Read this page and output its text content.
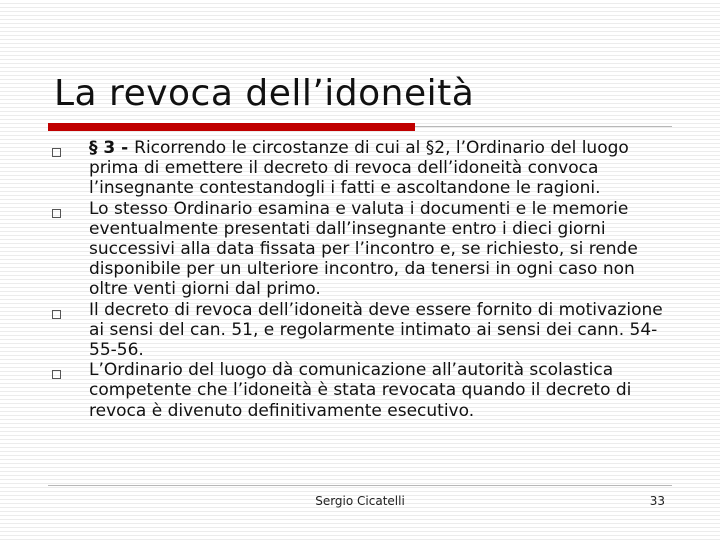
La revoca dell’idoneità
§ 3 - Ricorrendo le circostanze di cui al §2, l’Ordinario del luogo prima di emettere il decreto di revoca dell’idoneità convoca l’insegnante contestandogli i fatti e ascoltandone le ragioni.
Lo stesso Ordinario esamina e valuta i documenti e le memorie eventualmente presentati dall’insegnante entro i dieci giorni successivi alla data fissata per l’incontro e, se richiesto, si rende disponibile per un ulteriore incontro, da tenersi in ogni caso non oltre venti giorni dal primo.
Il decreto di revoca dell’idoneità deve essere fornito di motivazione ai sensi del can. 51, e regolarmente intimato ai sensi dei cann. 54-55-56.
L’Ordinario del luogo dà comunicazione all’autorità scolastica competente che l’idoneità è stata revocata quando il decreto di revoca è divenuto definitivamente esecutivo.
Sergio Cicatelli	33
